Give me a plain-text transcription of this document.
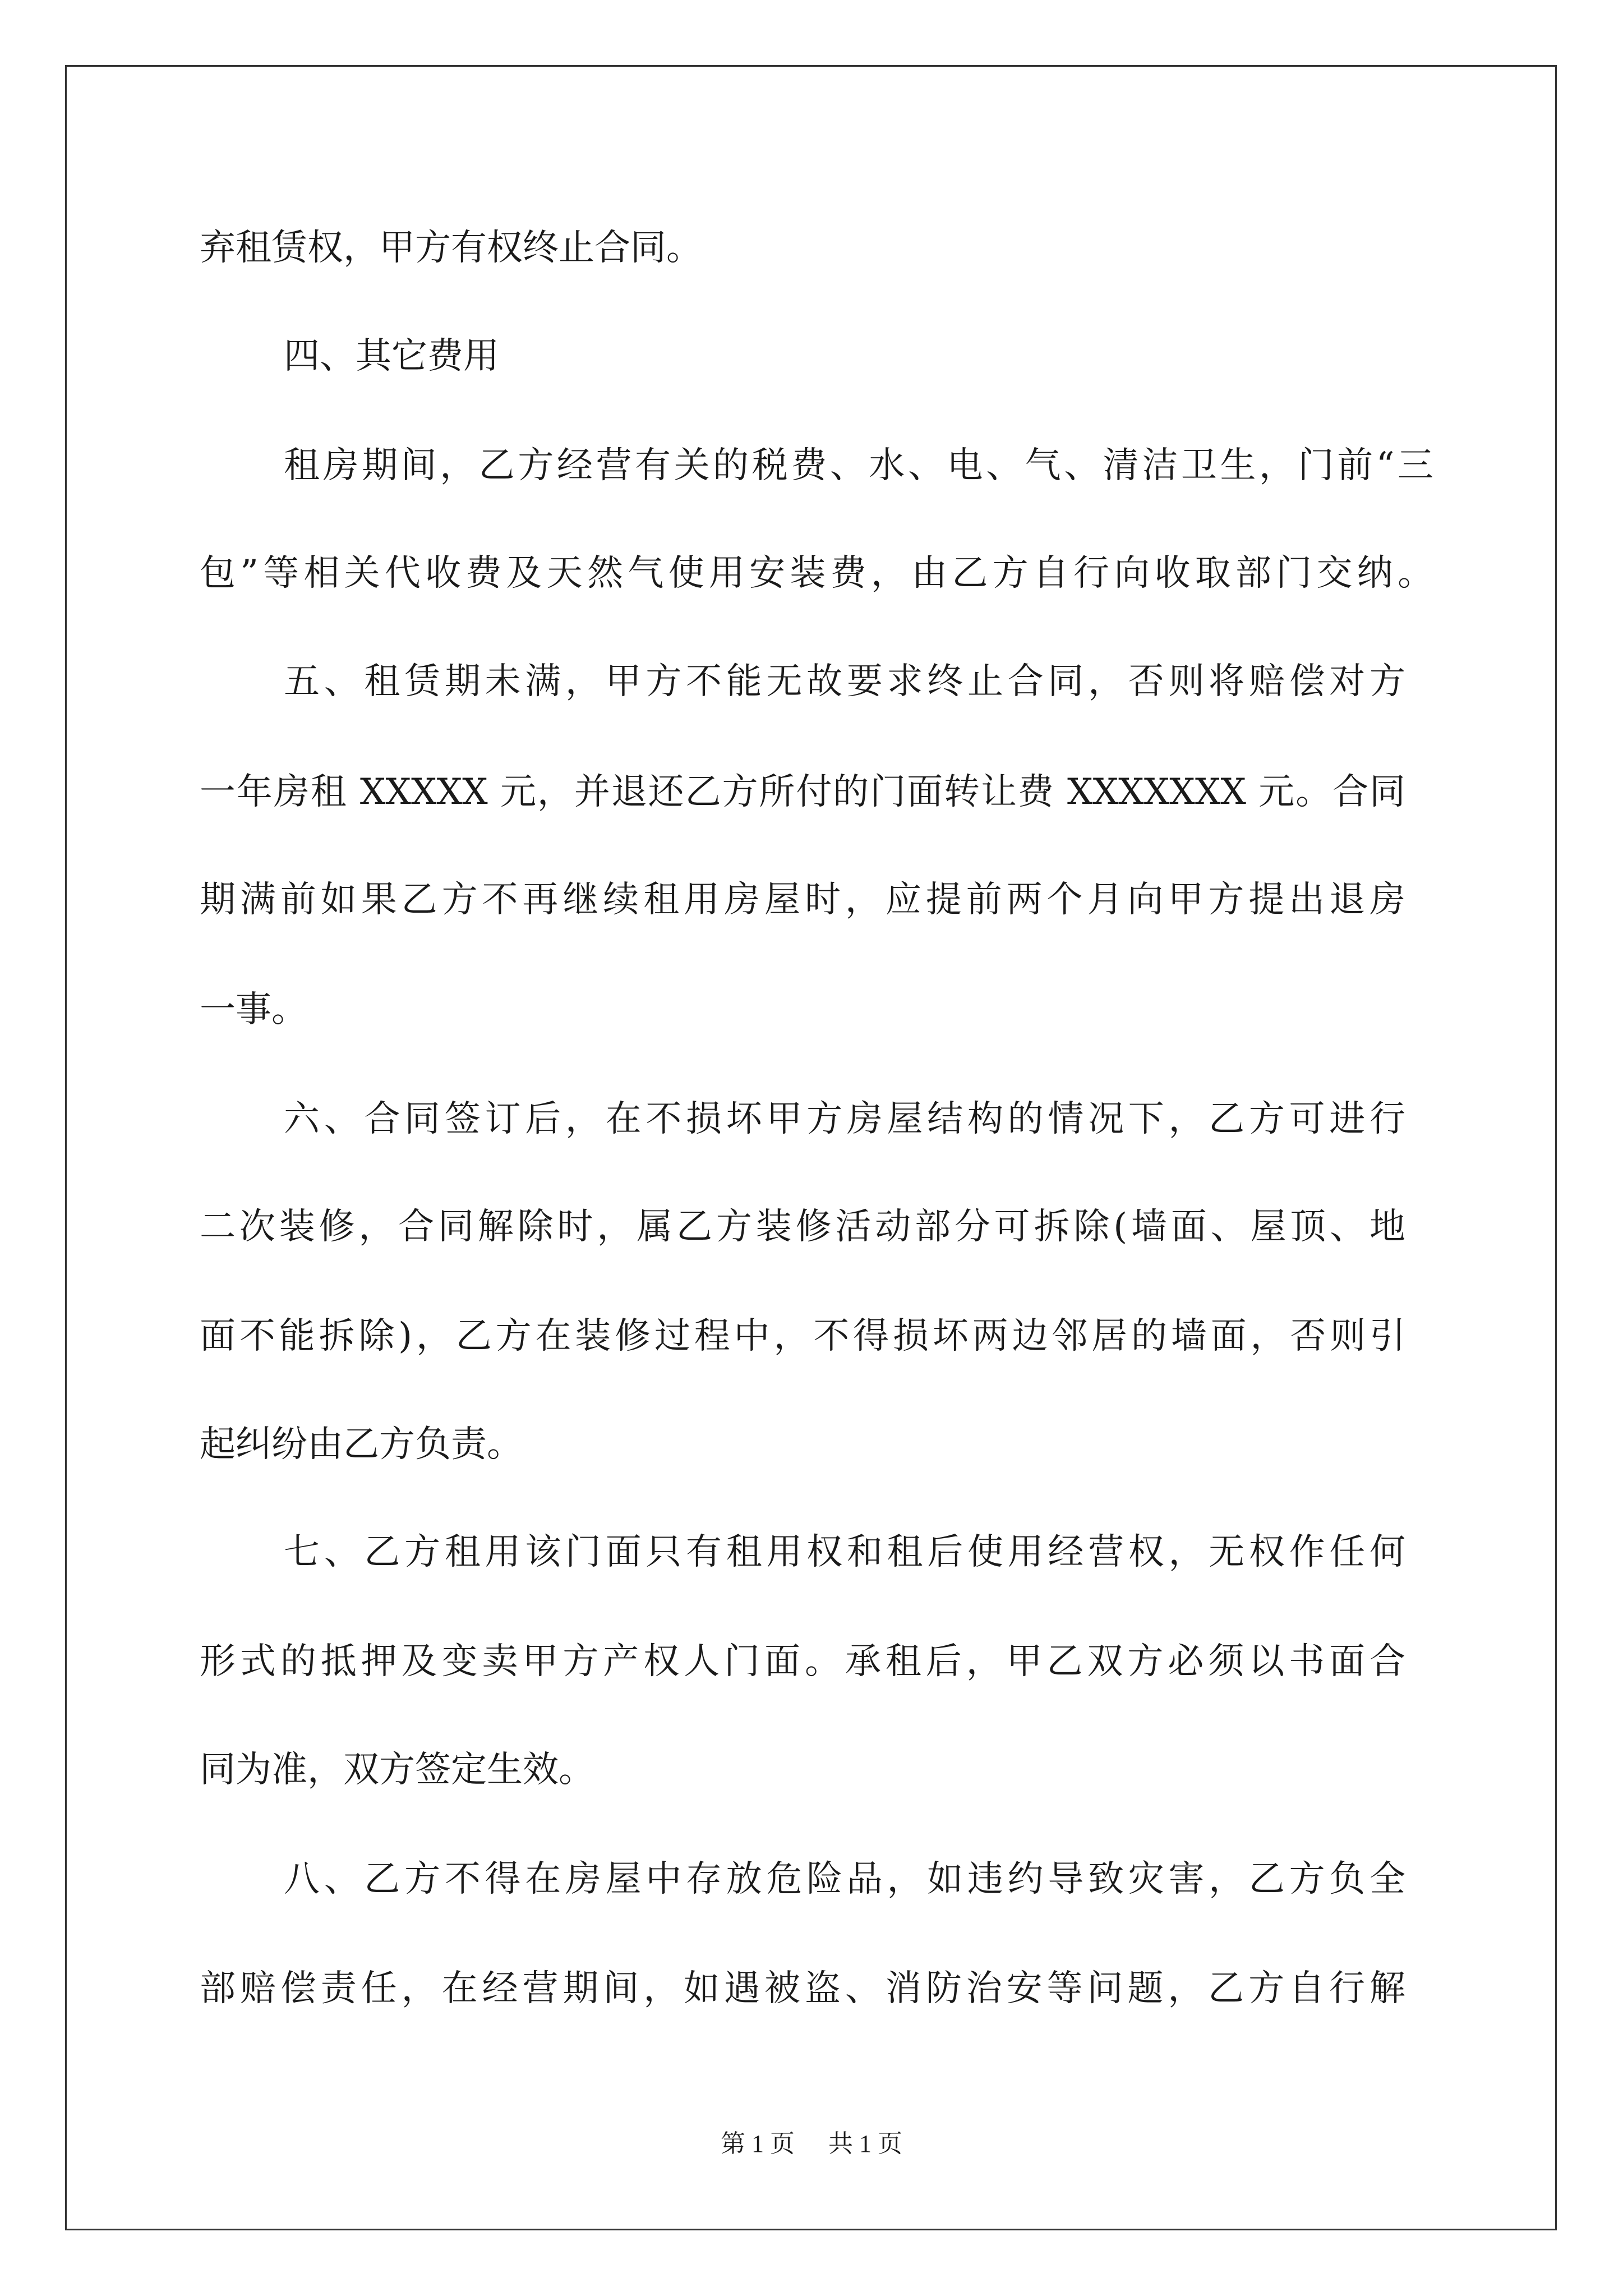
弃租赁权，甲方有权终止合同。
四、其它费用
租房期间，乙方经营有关的税费、水、电、气、清洁卫生，门前“三
包”等相关代收费及天然气使用安装费，由乙方自行向收取部门交纳。
五、租赁期未满，甲方不能无故要求终止合同，否则将赔偿对方
一年房租 XXXXX 元，并退还乙方所付的门面转让费 XXXXXXX 元。合同
期满前如果乙方不再继续租用房屋时，应提前两个月向甲方提出退房
一事。
六、合同签订后，在不损坏甲方房屋结构的情况下，乙方可进行
二次装修，合同解除时，属乙方装修活动部分可拆除(墙面、屋顶、地
面不能拆除)，乙方在装修过程中，不得损坏两边邻居的墙面，否则引
起纠纷由乙方负责。
七、乙方租用该门面只有租用权和租后使用经营权，无权作任何
形式的抵押及变卖甲方产权人门面。承租后，甲乙双方必须以书面合
同为准，双方签定生效。
八、乙方不得在房屋中存放危险品，如违约导致灾害，乙方负全
部赔偿责任，在经营期间，如遇被盗、消防治安等问题，乙方自行解
第 1 页 共 1 页
